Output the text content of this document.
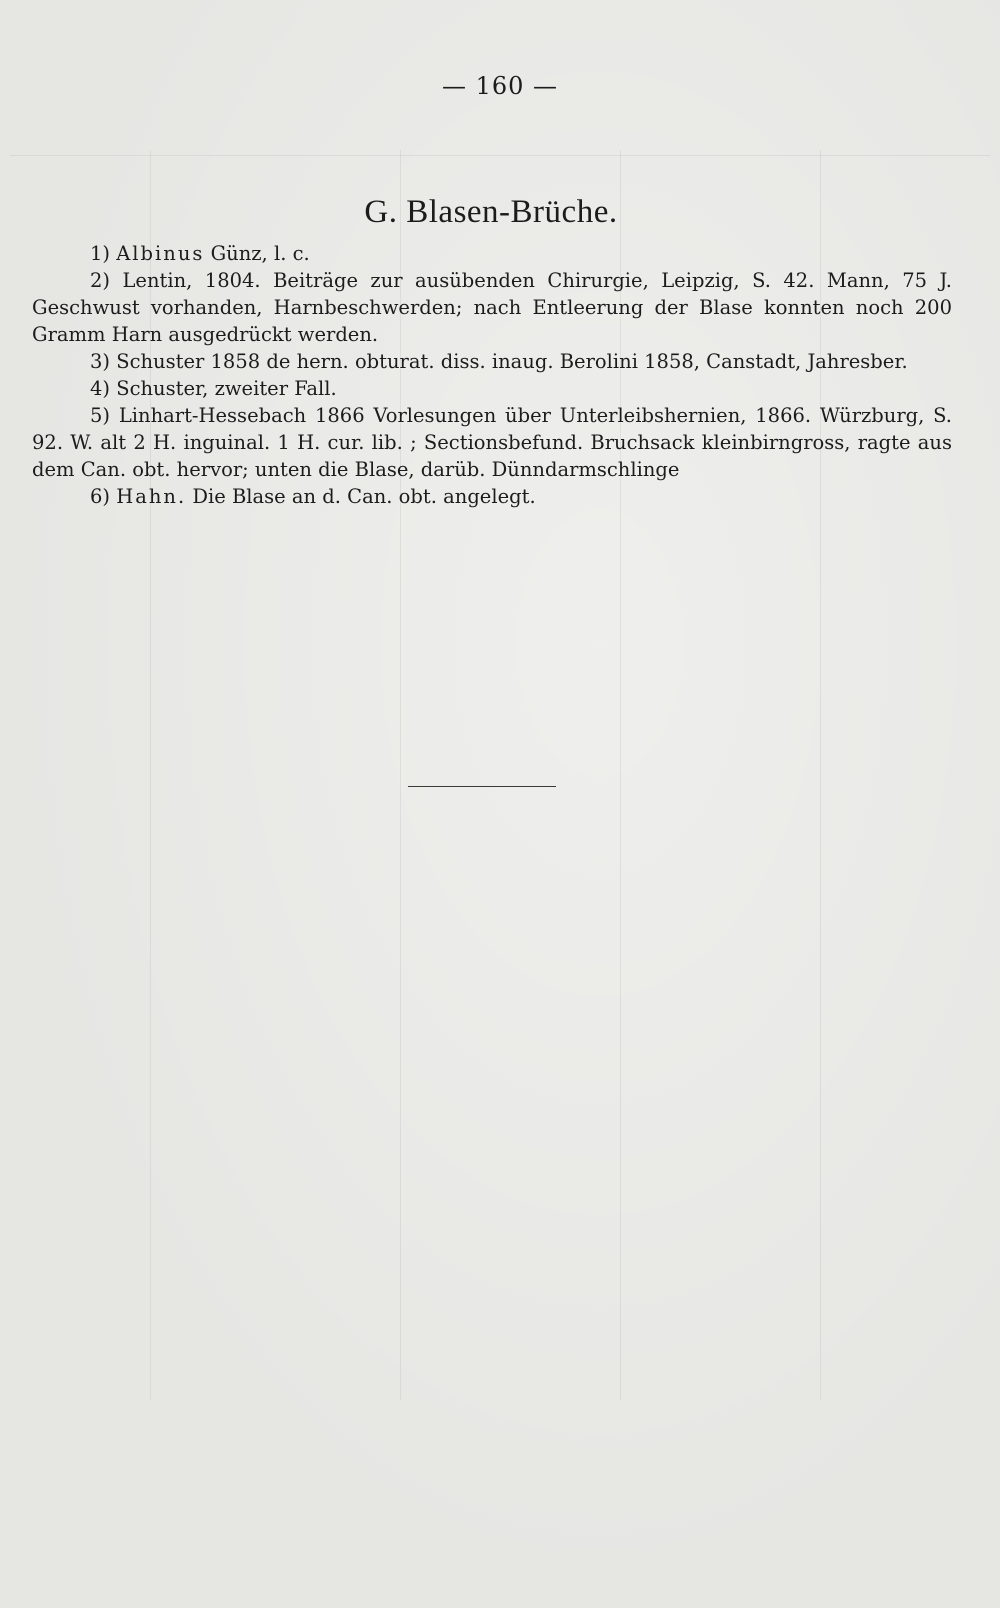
— 160 —
G. Blasen-Brüche.

1) Albinus Günz, l. c.

2) Lentin, 1804. Beiträge zur ausübenden Chirurgie, Leipzig, S. 42. Mann, 75 J. Geschwust vorhanden, Harnbeschwerden; nach Entleerung der Blase konnten noch 200 Gramm Harn ausgedrückt werden.

3) Schuster 1858 de hern. obturat. diss. inaug. Berolini 1858, Canstadt, Jahresber.

4) Schuster, zweiter Fall.

5) Linhart-Hessebach 1866 Vorlesungen über Unterleibshernien, 1866. Würzburg, S. 92. W. alt 2 H. inguinal. 1 H. cur. lib. ; Sectionsbefund. Bruchsack kleinbirngross, ragte aus dem Can. obt. hervor; unten die Blase, darüb. Dünndarmschlinge

6) Hahn. Die Blase an d. Can. obt. angelegt.
